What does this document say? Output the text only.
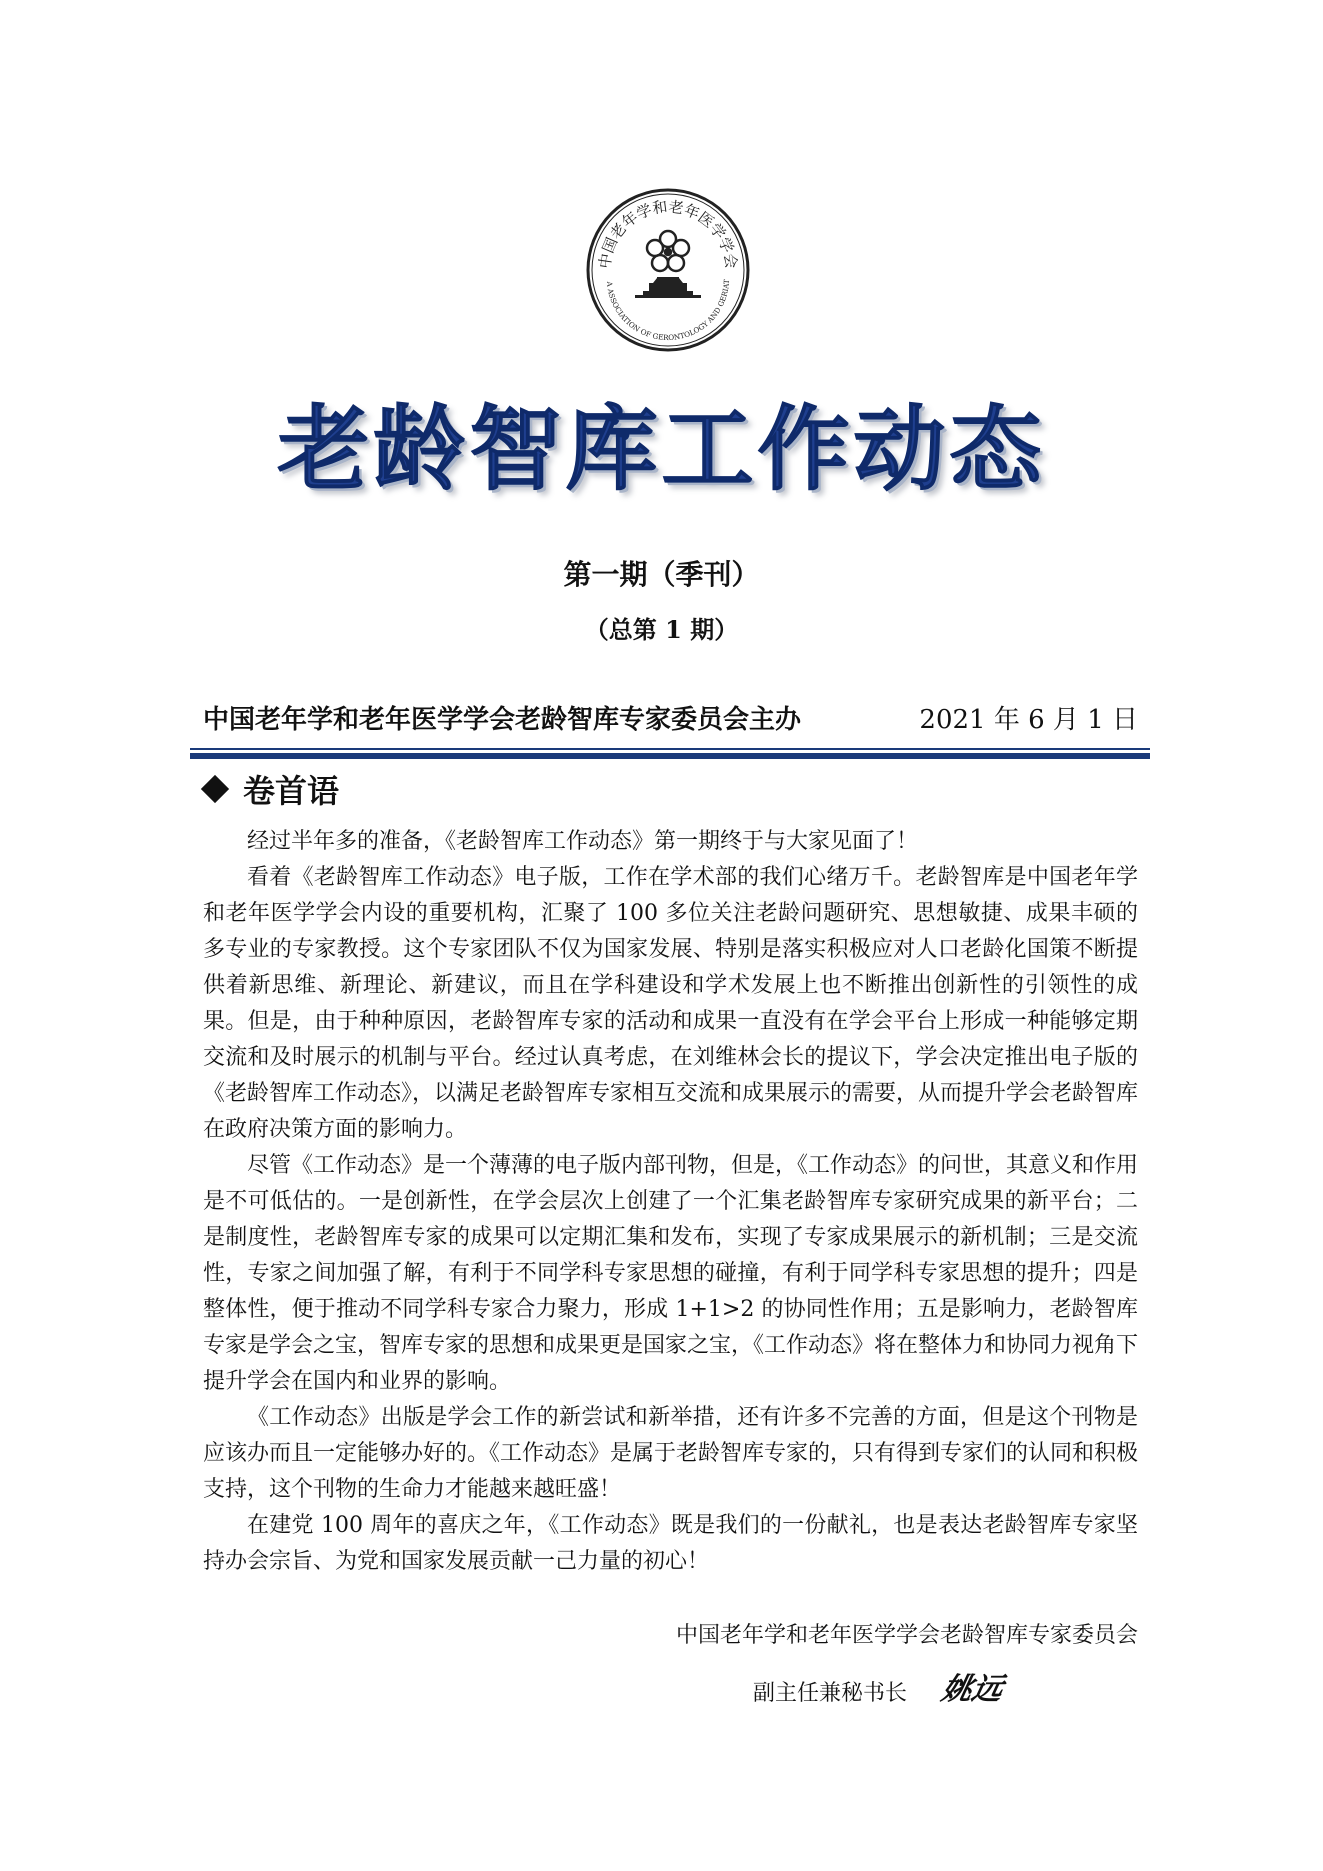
中国老年学和老年医学学会
A ASSOCIATION OF GERONTOLOGY AND GERIAT
老龄智库工作动态
第一期（季刊）
（总第 1 期）
中国老年学和老年医学学会老龄智库专家委员会主办	2021 年 6 月 1 日
卷首语

经过半年多的准备，《老龄智库工作动态》第一期终于与大家见面了！

看着《老龄智库工作动态》电子版，工作在学术部的我们心绪万千。老龄智库是中国老年学和老年医学学会内设的重要机构，汇聚了 100 多位关注老龄问题研究、思想敏捷、成果丰硕的多专业的专家教授。这个专家团队不仅为国家发展、特别是落实积极应对人口老龄化国策不断提供着新思维、新理论、新建议，而且在学科建设和学术发展上也不断推出创新性的引领性的成果。但是，由于种种原因，老龄智库专家的活动和成果一直没有在学会平台上形成一种能够定期交流和及时展示的机制与平台。经过认真考虑，在刘维林会长的提议下，学会决定推出电子版的《老龄智库工作动态》，以满足老龄智库专家相互交流和成果展示的需要，从而提升学会老龄智库在政府决策方面的影响力。

尽管《工作动态》是一个薄薄的电子版内部刊物，但是，《工作动态》的问世，其意义和作用是不可低估的。一是创新性，在学会层次上创建了一个汇集老龄智库专家研究成果的新平台；二是制度性，老龄智库专家的成果可以定期汇集和发布，实现了专家成果展示的新机制；三是交流性，专家之间加强了解，有利于不同学科专家思想的碰撞，有利于同学科专家思想的提升；四是整体性，便于推动不同学科专家合力聚力，形成 1+1>2 的协同性作用；五是影响力，老龄智库专家是学会之宝，智库专家的思想和成果更是国家之宝，《工作动态》将在整体力和协同力视角下提升学会在国内和业界的影响。

《工作动态》出版是学会工作的新尝试和新举措，还有许多不完善的方面，但是这个刊物是应该办而且一定能够办好的。《工作动态》是属于老龄智库专家的，只有得到专家们的认同和积极支持，这个刊物的生命力才能越来越旺盛！

在建党 100 周年的喜庆之年，《工作动态》既是我们的一份献礼，也是表达老龄智库专家坚持办会宗旨、为党和国家发展贡献一己力量的初心！

中国老年学和老年医学学会老龄智库专家委员会
副主任兼秘书长 姚远
